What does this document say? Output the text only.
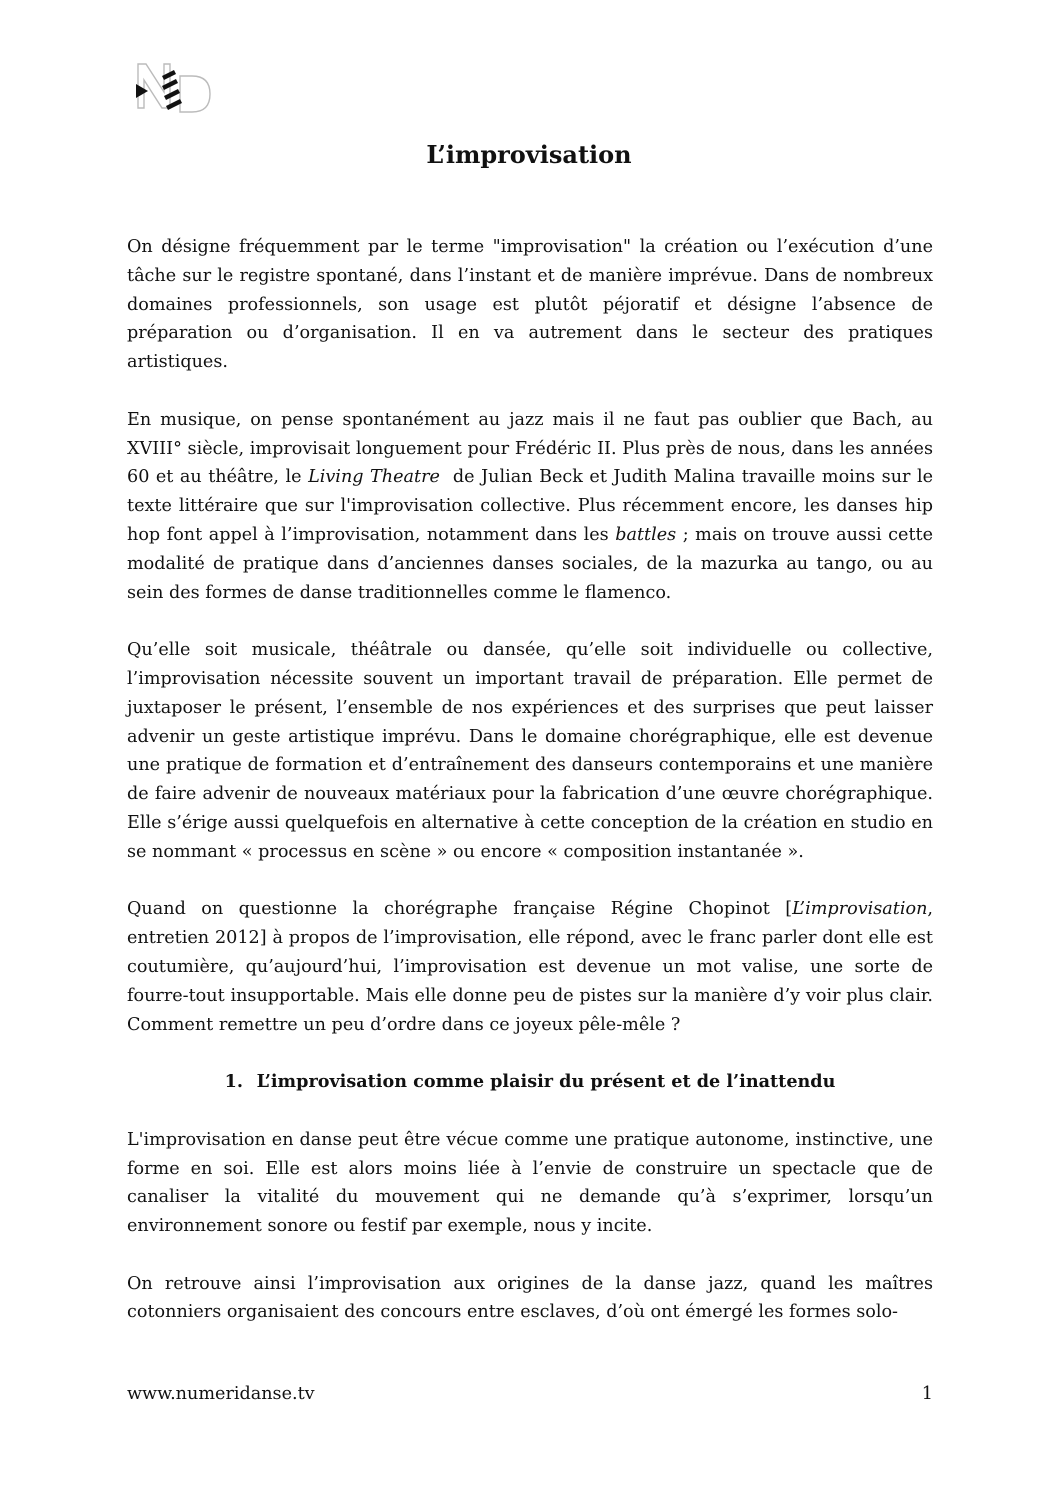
L’improvisation

On désigne fréquemment par le terme "improvisation" la création ou l’exécution d’une tâche sur le registre spontané, dans l’instant et de manière imprévue. Dans de nombreux domaines professionnels, son usage est plutôt péjoratif et désigne l’absence de préparation ou d’organisation. Il en va autrement dans le secteur des pratiques artistiques.

En musique, on pense spontanément au jazz mais il ne faut pas oublier que Bach, au XVIII° siècle, improvisait longuement pour Frédéric II. Plus près de nous, dans les années 60 et au théâtre, le Living Theatre  de Julian Beck et Judith Malina travaille moins sur le texte littéraire que sur l'improvisation collective. Plus récemment encore, les danses hip hop font appel à l’improvisation, notamment dans les battles ; mais on trouve aussi cette modalité de pratique dans d’anciennes danses sociales, de la mazurka au tango, ou au sein des formes de danse traditionnelles comme le flamenco.

Qu’elle soit musicale, théâtrale ou dansée, qu’elle soit individuelle ou collective, l’improvisation nécessite souvent un important travail de préparation. Elle permet de juxtaposer le présent, l’ensemble de nos expériences et des surprises que peut laisser advenir un geste artistique imprévu. Dans le domaine chorégraphique, elle est devenue une pratique de formation et d’entraînement des danseurs contemporains et une manière de faire advenir de nouveaux matériaux pour la fabrication d’une œuvre chorégraphique. Elle s’érige aussi quelquefois en alternative à cette conception de la création en studio en se nommant « processus en scène » ou encore « composition instantanée ».

Quand on questionne la chorégraphe française Régine Chopinot [L’improvisation, entretien 2012] à propos de l’improvisation, elle répond, avec le franc parler dont elle est coutumière, qu’aujourd’hui, l’improvisation est devenue un mot valise, une sorte de fourre-tout insupportable. Mais elle donne peu de pistes sur la manière d’y voir plus clair. Comment remettre un peu d’ordre dans ce joyeux pêle-mêle ?

1. L’improvisation comme plaisir du présent et de l’inattendu

L'improvisation en danse peut être vécue comme une pratique autonome, instinctive, une forme en soi. Elle est alors moins liée à l’envie de construire un spectacle que de canaliser la vitalité du mouvement qui ne demande qu’à s’exprimer, lorsqu’un environnement sonore ou festif par exemple, nous y incite.

On retrouve ainsi l’improvisation aux origines de la danse jazz, quand les maîtres cotonniers organisaient des concours entre esclaves, d’où ont émergé les formes solo-

www.numeridanse.tv	1
